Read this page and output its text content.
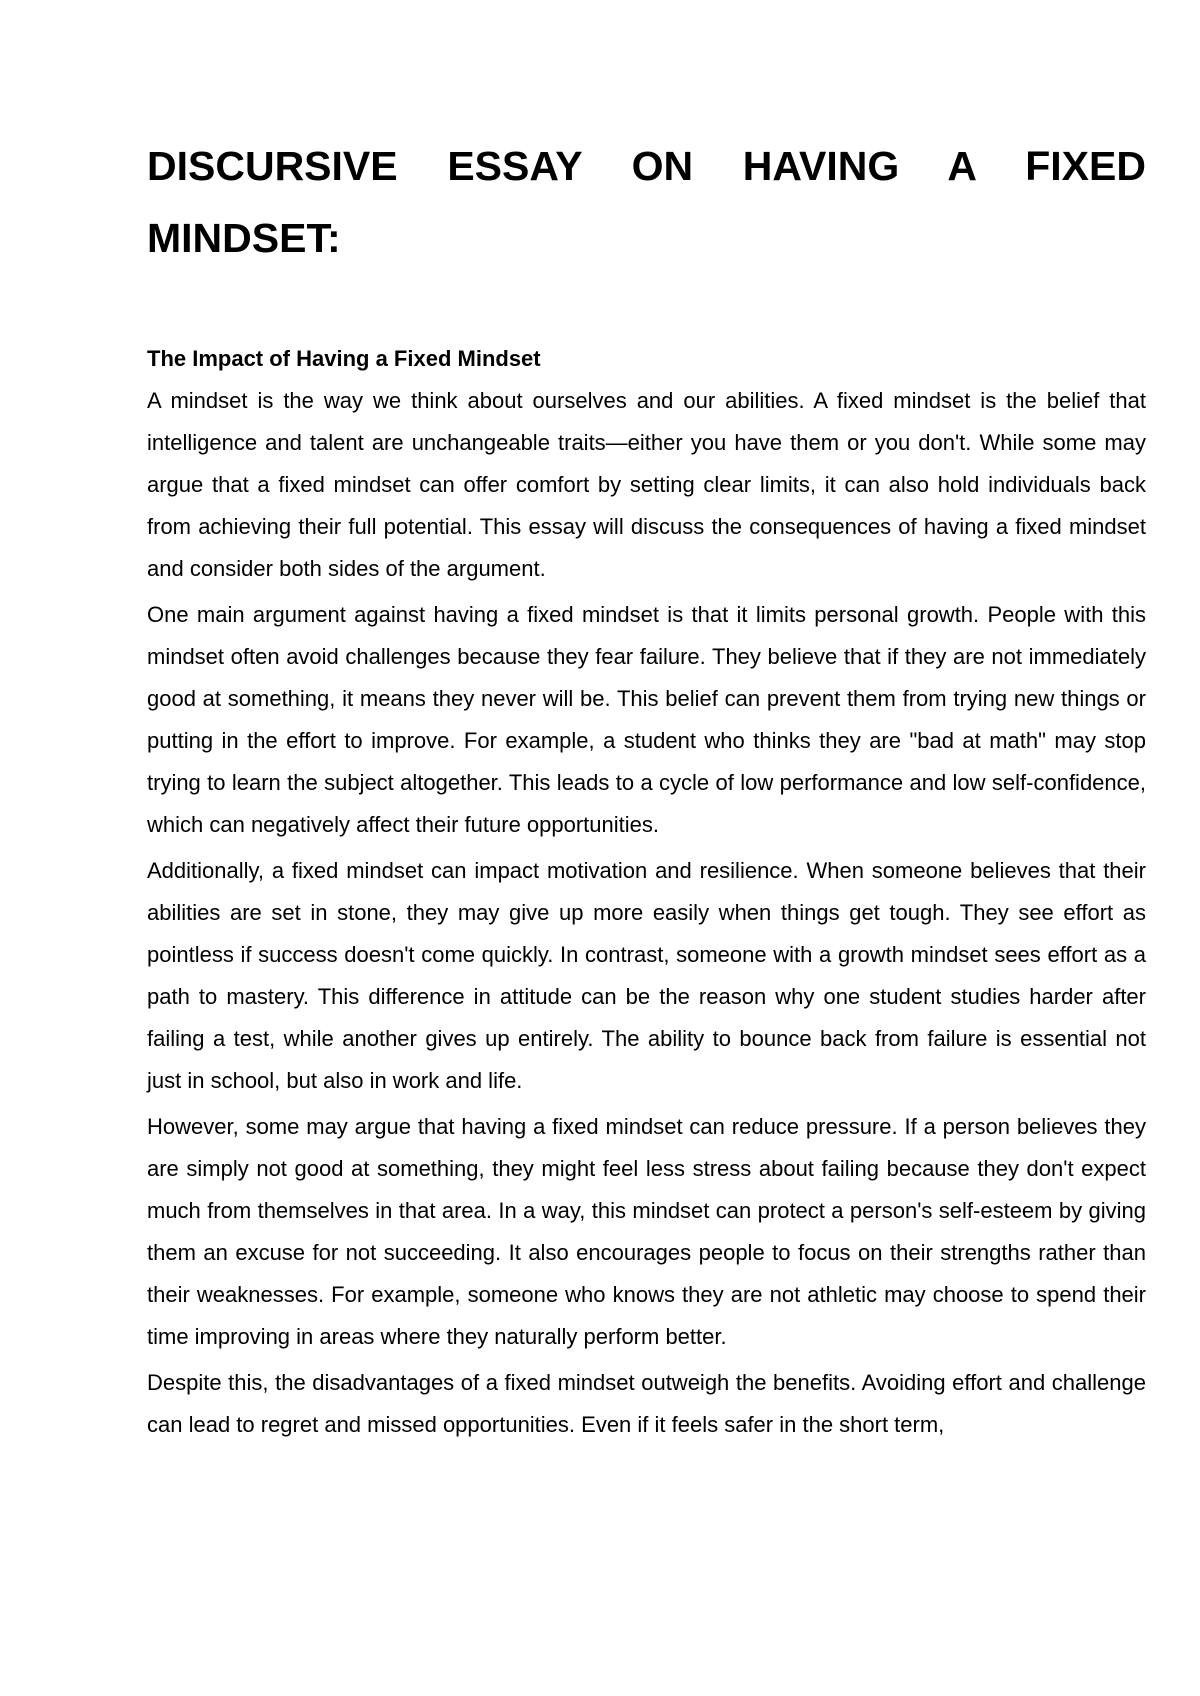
DISCURSIVE ESSAY ON HAVING A FIXED MINDSET:
The Impact of Having a Fixed Mindset

A mindset is the way we think about ourselves and our abilities. A fixed mindset is the belief that intelligence and talent are unchangeable traits—either you have them or you don't. While some may argue that a fixed mindset can offer comfort by setting clear limits, it can also hold individuals back from achieving their full potential. This essay will discuss the consequences of having a fixed mindset and consider both sides of the argument.

One main argument against having a fixed mindset is that it limits personal growth. People with this mindset often avoid challenges because they fear failure. They believe that if they are not immediately good at something, it means they never will be. This belief can prevent them from trying new things or putting in the effort to improve. For example, a student who thinks they are "bad at math" may stop trying to learn the subject altogether. This leads to a cycle of low performance and low self-confidence, which can negatively affect their future opportunities.

Additionally, a fixed mindset can impact motivation and resilience. When someone believes that their abilities are set in stone, they may give up more easily when things get tough. They see effort as pointless if success doesn't come quickly. In contrast, someone with a growth mindset sees effort as a path to mastery. This difference in attitude can be the reason why one student studies harder after failing a test, while another gives up entirely. The ability to bounce back from failure is essential not just in school, but also in work and life.

However, some may argue that having a fixed mindset can reduce pressure. If a person believes they are simply not good at something, they might feel less stress about failing because they don't expect much from themselves in that area. In a way, this mindset can protect a person's self-esteem by giving them an excuse for not succeeding. It also encourages people to focus on their strengths rather than their weaknesses. For example, someone who knows they are not athletic may choose to spend their time improving in areas where they naturally perform better.

Despite this, the disadvantages of a fixed mindset outweigh the benefits. Avoiding effort and challenge can lead to regret and missed opportunities. Even if it feels safer in the short term,
